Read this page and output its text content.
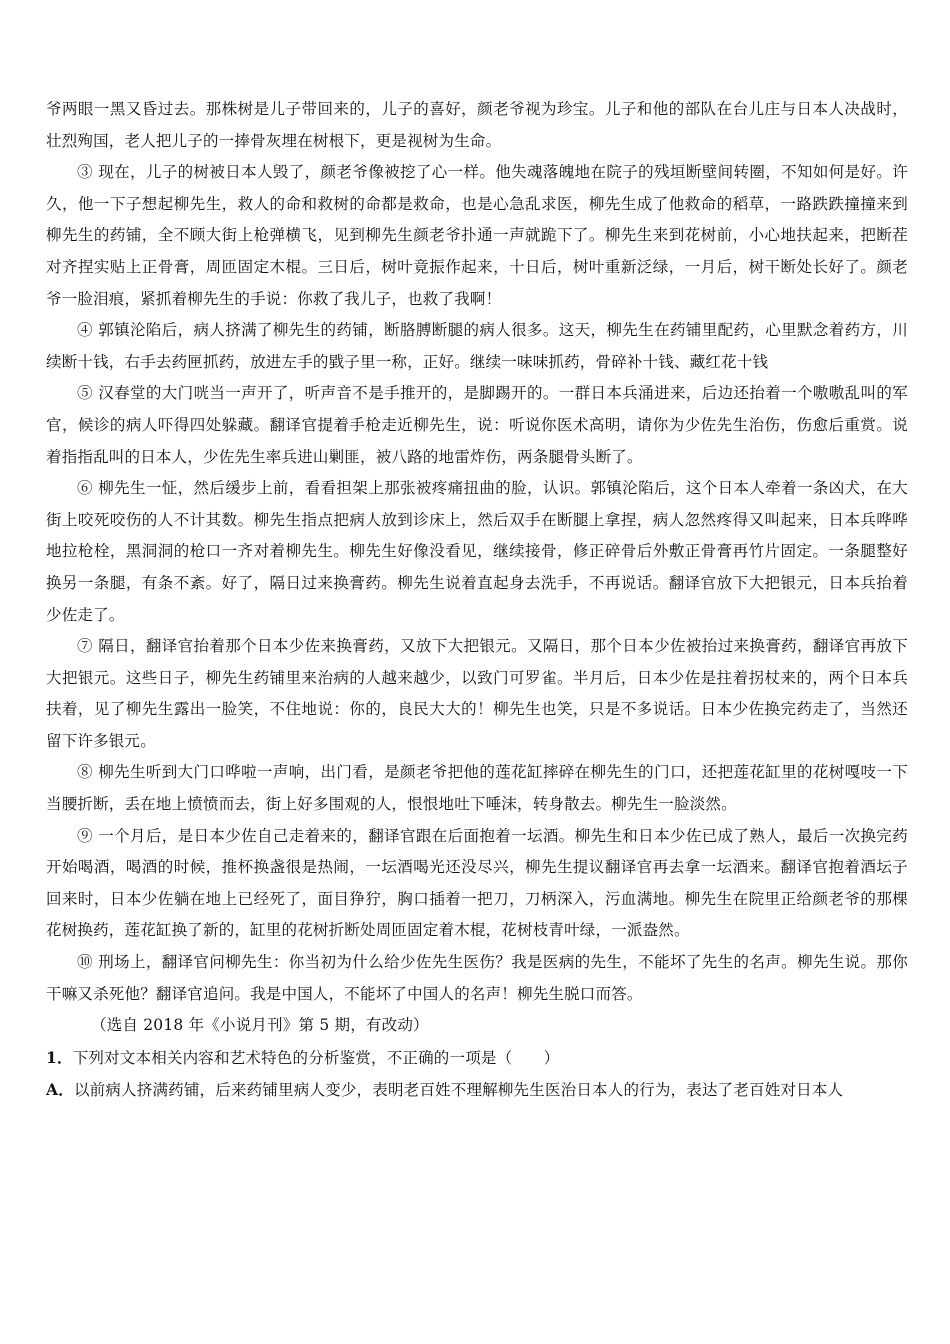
爷两眼一黑又昏过去。那株树是儿子带回来的，儿子的喜好，颜老爷视为珍宝。儿子和他的部队在台儿庄与日本人决战时，壮烈殉国，老人把儿子的一捧骨灰埋在树根下，更是视树为生命。

③ 现在，儿子的树被日本人毁了，颜老爷像被挖了心一样。他失魂落魄地在院子的残垣断壁间转圈，不知如何是好。许久，他一下子想起柳先生，救人的命和救树的命都是救命，也是心急乱求医，柳先生成了他救命的稻草，一路跌跌撞撞来到柳先生的药铺，全不顾大街上枪弹横飞，见到柳先生颜老爷扑通一声就跪下了。柳先生来到花树前，小心地扶起来，把断茬对齐捏实贴上正骨膏，周匝固定木棍。三日后，树叶竟振作起来，十日后，树叶重新泛绿，一月后，树干断处长好了。颜老爷一脸泪痕，紧抓着柳先生的手说：你救了我儿子，也救了我啊！

④ 郭镇沦陷后，病人挤满了柳先生的药铺，断胳膊断腿的病人很多。这天，柳先生在药铺里配药，心里默念着药方，川续断十钱，右手去药匣抓药，放进左手的戥子里一称，正好。继续一味味抓药，骨碎补十钱、藏红花十钱

⑤ 汉春堂的大门咣当一声开了，听声音不是手推开的，是脚踢开的。一群日本兵涌进来，后边还抬着一个嗷嗷乱叫的军官，候诊的病人吓得四处躲藏。翻译官提着手枪走近柳先生，说：听说你医术高明，请你为少佐先生治伤，伤愈后重赏。说着指指乱叫的日本人，少佐先生率兵进山剿匪，被八路的地雷炸伤，两条腿骨头断了。

⑥ 柳先生一怔，然后缓步上前，看看担架上那张被疼痛扭曲的脸，认识。郭镇沦陷后，这个日本人牵着一条凶犬，在大街上咬死咬伤的人不计其数。柳先生指点把病人放到诊床上，然后双手在断腿上拿捏，病人忽然疼得又叫起来，日本兵哗哗地拉枪栓，黑洞洞的枪口一齐对着柳先生。柳先生好像没看见，继续接骨，修正碎骨后外敷正骨膏再竹片固定。一条腿整好换另一条腿，有条不紊。好了，隔日过来换膏药。柳先生说着直起身去洗手，不再说话。翻译官放下大把银元，日本兵抬着少佐走了。

⑦ 隔日，翻译官抬着那个日本少佐来换膏药，又放下大把银元。又隔日，那个日本少佐被抬过来换膏药，翻译官再放下大把银元。这些日子，柳先生药铺里来治病的人越来越少，以致门可罗雀。半月后，日本少佐是拄着拐杖来的，两个日本兵扶着，见了柳先生露出一脸笑，不住地说：你的，良民大大的！柳先生也笑，只是不多说话。日本少佐换完药走了，当然还留下许多银元。

⑧ 柳先生听到大门口哗啦一声响，出门看，是颜老爷把他的莲花缸摔碎在柳先生的门口，还把莲花缸里的花树嘎吱一下当腰折断，丢在地上愤愤而去，街上好多围观的人，恨恨地吐下唾沫，转身散去。柳先生一脸淡然。

⑨ 一个月后，是日本少佐自己走着来的，翻译官跟在后面抱着一坛酒。柳先生和日本少佐已成了熟人，最后一次换完药开始喝酒，喝酒的时候，推杯换盏很是热闹，一坛酒喝光还没尽兴，柳先生提议翻译官再去拿一坛酒来。翻译官抱着酒坛子回来时，日本少佐躺在地上已经死了，面目狰狞，胸口插着一把刀，刀柄深入，污血满地。柳先生在院里正给颜老爷的那棵花树换药，莲花缸换了新的，缸里的花树折断处周匝固定着木棍，花树枝青叶绿，一派盎然。

⑩ 刑场上，翻译官问柳先生：你当初为什么给少佐先生医伤？我是医病的先生，不能坏了先生的名声。柳先生说。那你干嘛又杀死他？翻译官追问。我是中国人，不能坏了中国人的名声！柳先生脱口而答。

（选自 2018 年《小说月刊》第 5 期，有改动）

1．下列对文本相关内容和艺术特色的分析鉴赏，不正确的一项是（　　）

A．以前病人挤满药铺，后来药铺里病人变少，表明老百姓不理解柳先生医治日本人的行为，表达了老百姓对日本人
